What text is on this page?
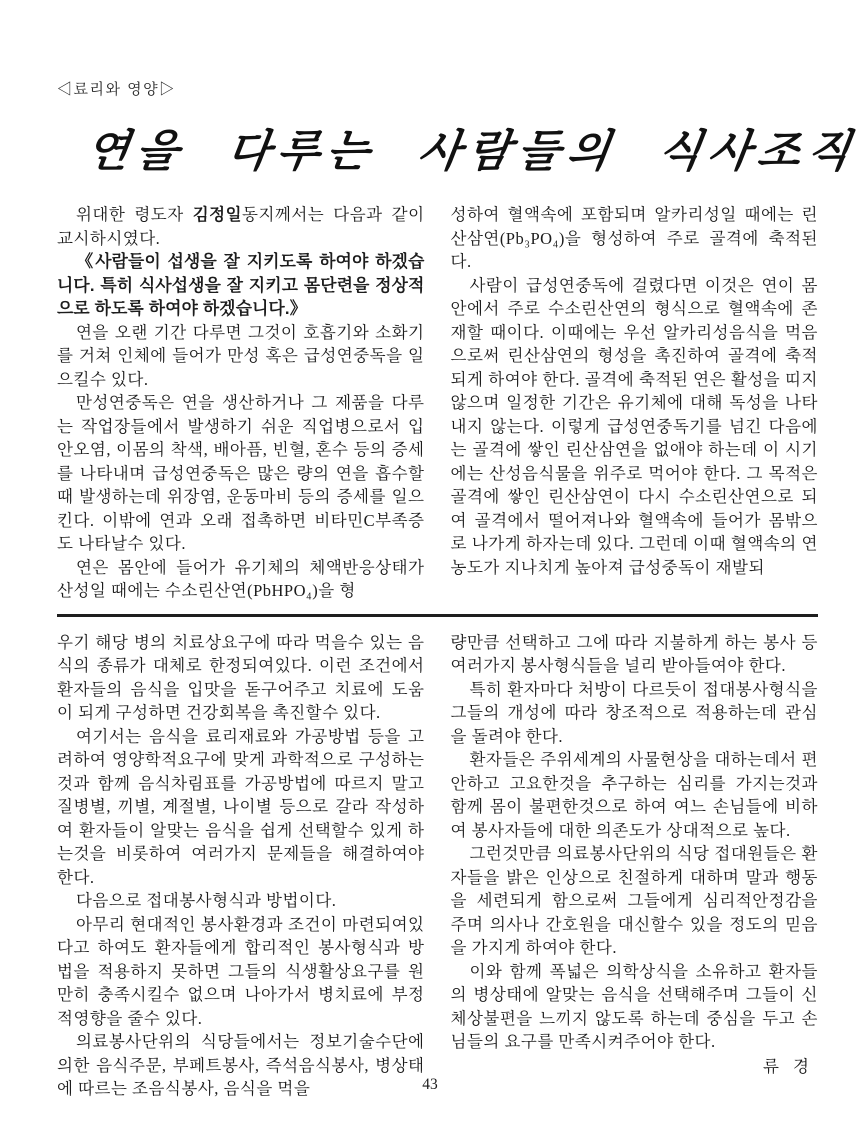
◁료리와 영양▷
연을 다루는 사람들의 식사조직

위대한 령도자 김정일동지께서는 다음과 같이 교시하시였다.

《사람들이 섭생을 잘 지키도록 하여야 하겠습니다. 특히 식사섭생을 잘 지키고 몸단련을 정상적으로 하도록 하여야 하겠습니다.》

연을 오랜 기간 다루면 그것이 호흡기와 소화기를 거쳐 인체에 들어가 만성 혹은 급성연중독을 일으킬수 있다.

만성연중독은 연을 생산하거나 그 제품을 다루는 작업장들에서 발생하기 쉬운 직업병으로서 입안오염, 이몸의 착색, 배아픔, 빈혈, 혼수 등의 증세를 나타내며 급성연중독은 많은 량의 연을 흡수할 때 발생하는데 위장염, 운동마비 등의 증세를 일으킨다. 이밖에 연과 오래 접촉하면 비타민C부족증도 나타날수 있다.

연은 몸안에 들어가 유기체의 체액반응상태가 산성일 때에는 수소린산연(PbHPO₄)을 형

성하여 혈액속에 포함되며 알카리성일 때에는 린산삼연(Pb₃PO₄)을 형성하여 주로 골격에 축적된다.

사람이 급성연중독에 걸렸다면 이것은 연이 몸안에서 주로 수소린산연의 형식으로 혈액속에 존재할 때이다. 이때에는 우선 알카리성음식을 먹음으로써 린산삼연의 형성을 촉진하여 골격에 축적되게 하여야 한다. 골격에 축적된 연은 활성을 띠지 않으며 일정한 기간은 유기체에 대해 독성을 나타내지 않는다. 이렇게 급성연중독기를 넘긴 다음에는 골격에 쌓인 린산삼연을 없애야 하는데 이 시기에는 산성음식물을 위주로 먹어야 한다. 그 목적은 골격에 쌓인 린산삼연이 다시 수소린산연으로 되여 골격에서 떨어져나와 혈액속에 들어가 몸밖으로 나가게 하자는데 있다. 그런데 이때 혈액속의 연농도가 지나치게 높아져 급성중독이 재발되

우기 해당 병의 치료상요구에 따라 먹을수 있는 음식의 종류가 대체로 한정되여있다. 이런 조건에서 환자들의 음식을 입맛을 돋구어주고 치료에 도움이 되게 구성하면 건강회복을 촉진할수 있다.

여기서는 음식을 료리재료와 가공방법 등을 고려하여 영양학적요구에 맞게 과학적으로 구성하는것과 함께 음식차림표를 가공방법에 따르지 말고 질병별, 끼별, 계절별, 나이별 등으로 갈라 작성하여 환자들이 알맞는 음식을 쉽게 선택할수 있게 하는것을 비롯하여 여러가지 문제들을 해결하여야 한다.

다음으로 접대봉사형식과 방법이다.

아무리 현대적인 봉사환경과 조건이 마련되여있다고 하여도 환자들에게 합리적인 봉사형식과 방법을 적용하지 못하면 그들의 식생활상요구를 원만히 충족시킬수 없으며 나아가서 병치료에 부정적영향을 줄수 있다.

의료봉사단위의 식당들에서는 정보기술수단에 의한 음식주문, 부페트봉사, 즉석음식봉사, 병상태에 따르는 조음식봉사, 음식을 먹을

량만큼 선택하고 그에 따라 지불하게 하는 봉사 등 여러가지 봉사형식들을 널리 받아들여야 한다.

특히 환자마다 처방이 다르듯이 접대봉사형식을 그들의 개성에 따라 창조적으로 적용하는데 관심을 돌려야 한다.

환자들은 주위세계의 사물현상을 대하는데서 편안하고 고요한것을 추구하는 심리를 가지는것과 함께 몸이 불편한것으로 하여 여느 손님들에 비하여 봉사자들에 대한 의존도가 상대적으로 높다.

그런것만큼 의료봉사단위의 식당 접대원들은 환자들을 밝은 인상으로 친절하게 대하며 말과 행동을 세련되게 함으로써 그들에게 심리적안정감을 주며 의사나 간호원을 대신할수 있을 정도의 믿음을 가지게 하여야 한다.

이와 함께 폭넓은 의학상식을 소유하고 환자들의 병상태에 알맞는 음식을 선택해주며 그들이 신체상불편을 느끼지 않도록 하는데 중심을 두고 손님들의 요구를 만족시켜주어야 한다.

류 경
43
